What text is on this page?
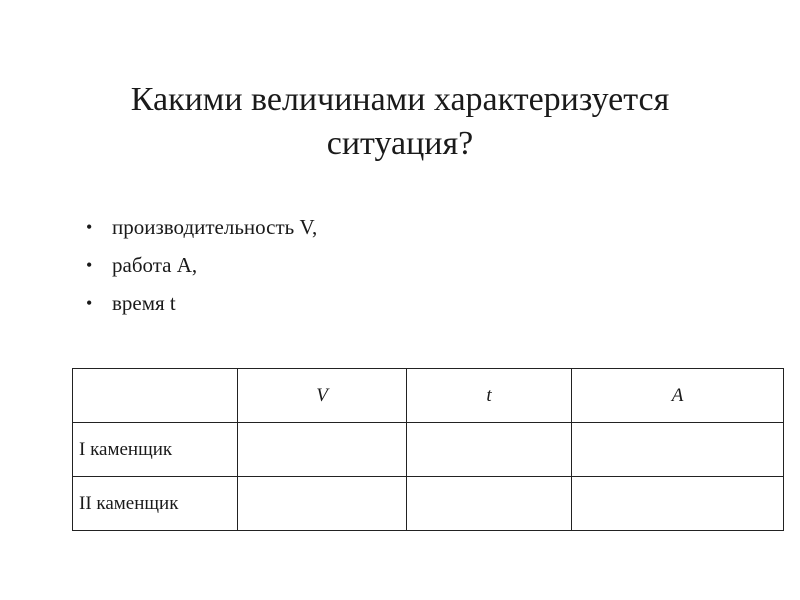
Какими величинами характеризуется
ситуация?
• производительность V,
• работа А,
• время t
	V	t	A
I каменщик			
II каменщик			
